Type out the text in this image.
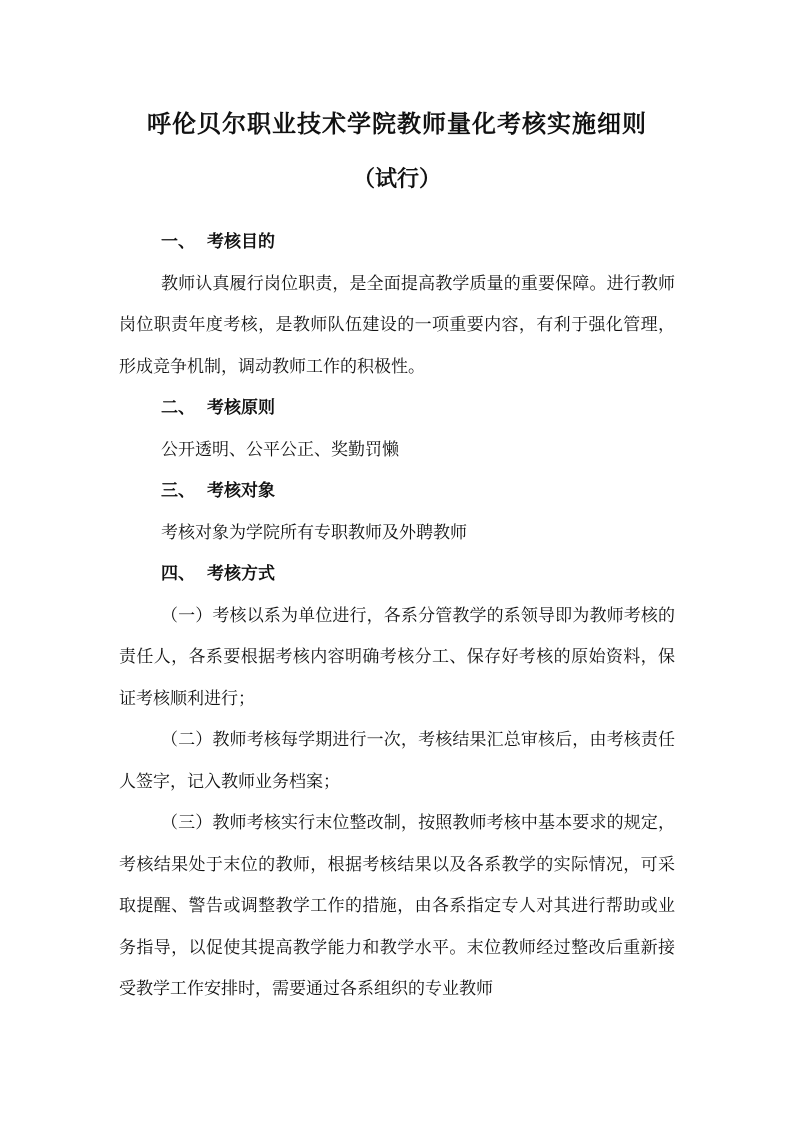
呼伦贝尔职业技术学院教师量化考核实施细则
（试行）

一、 考核目的

教师认真履行岗位职责，是全面提高教学质量的重要保障。进行教师岗位职责年度考核，是教师队伍建设的一项重要内容，有利于强化管理，形成竞争机制，调动教师工作的积极性。

二、 考核原则

公开透明、公平公正、奖勤罚懒

三、 考核对象

考核对象为学院所有专职教师及外聘教师

四、 考核方式

（一）考核以系为单位进行，各系分管教学的系领导即为教师考核的责任人，各系要根据考核内容明确考核分工、保存好考核的原始资料，保证考核顺利进行；

（二）教师考核每学期进行一次，考核结果汇总审核后，由考核责任人签字，记入教师业务档案；

（三）教师考核实行末位整改制，按照教师考核中基本要求的规定，考核结果处于末位的教师，根据考核结果以及各系教学的实际情况，可采取提醒、警告或调整教学工作的措施，由各系指定专人对其进行帮助或业务指导，以促使其提高教学能力和教学水平。末位教师经过整改后重新接受教学工作安排时，需要通过各系组织的专业教师
